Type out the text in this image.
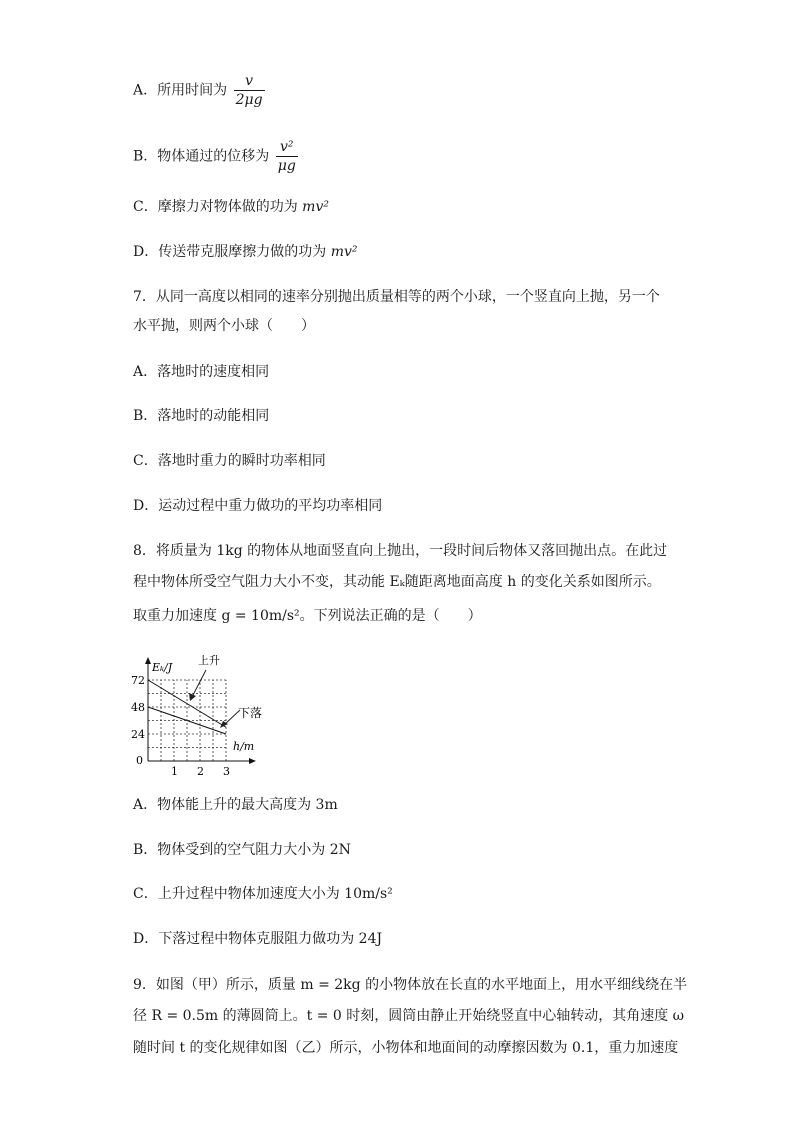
A．所用时间为 $\frac{v}{2\mu g}$
B．物体通过的位移为 $\frac{\text{v²}}{\mu g}$
C．摩擦力对物体做的功为 mv²
D．传送带克服摩擦力做的功为 mv²
7．从同一高度以相同的速率分别抛出质量相等的两个小球，一个竖直向上抛，另一个
水平抛，则两个小球（　　）
A．落地时的速度相同
B．落地时的动能相同
C．落地时重力的瞬时功率相同
D．运动过程中重力做功的平均功率相同
8．将质量为 1kg 的物体从地面竖直向上抛出，一段时间后物体又落回抛出点。在此过
程中物体所受空气阻力大小不变，其动能 Eₖ随距离地面高度 h 的变化关系如图所示。
取重力加速度 g = 10m/s²。下列说法正确的是（　　）
1 2 3
24
48
72
Eₖ/J
h/m
0
上升
下落
A．物体能上升的最大高度为 3m
B．物体受到的空气阻力大小为 2N
C．上升过程中物体加速度大小为 10m/s²
D．下落过程中物体克服阻力做功为 24J
9．如图（甲）所示，质量 m = 2kg 的小物体放在长直的水平地面上，用水平细线绕在半
径 R = 0.5m 的薄圆筒上。t = 0 时刻，圆筒由静止开始绕竖直中心轴转动，其角速度 ω
随时间 t 的变化规律如图（乙）所示，小物体和地面间的动摩擦因数为 0.1，重力加速度
